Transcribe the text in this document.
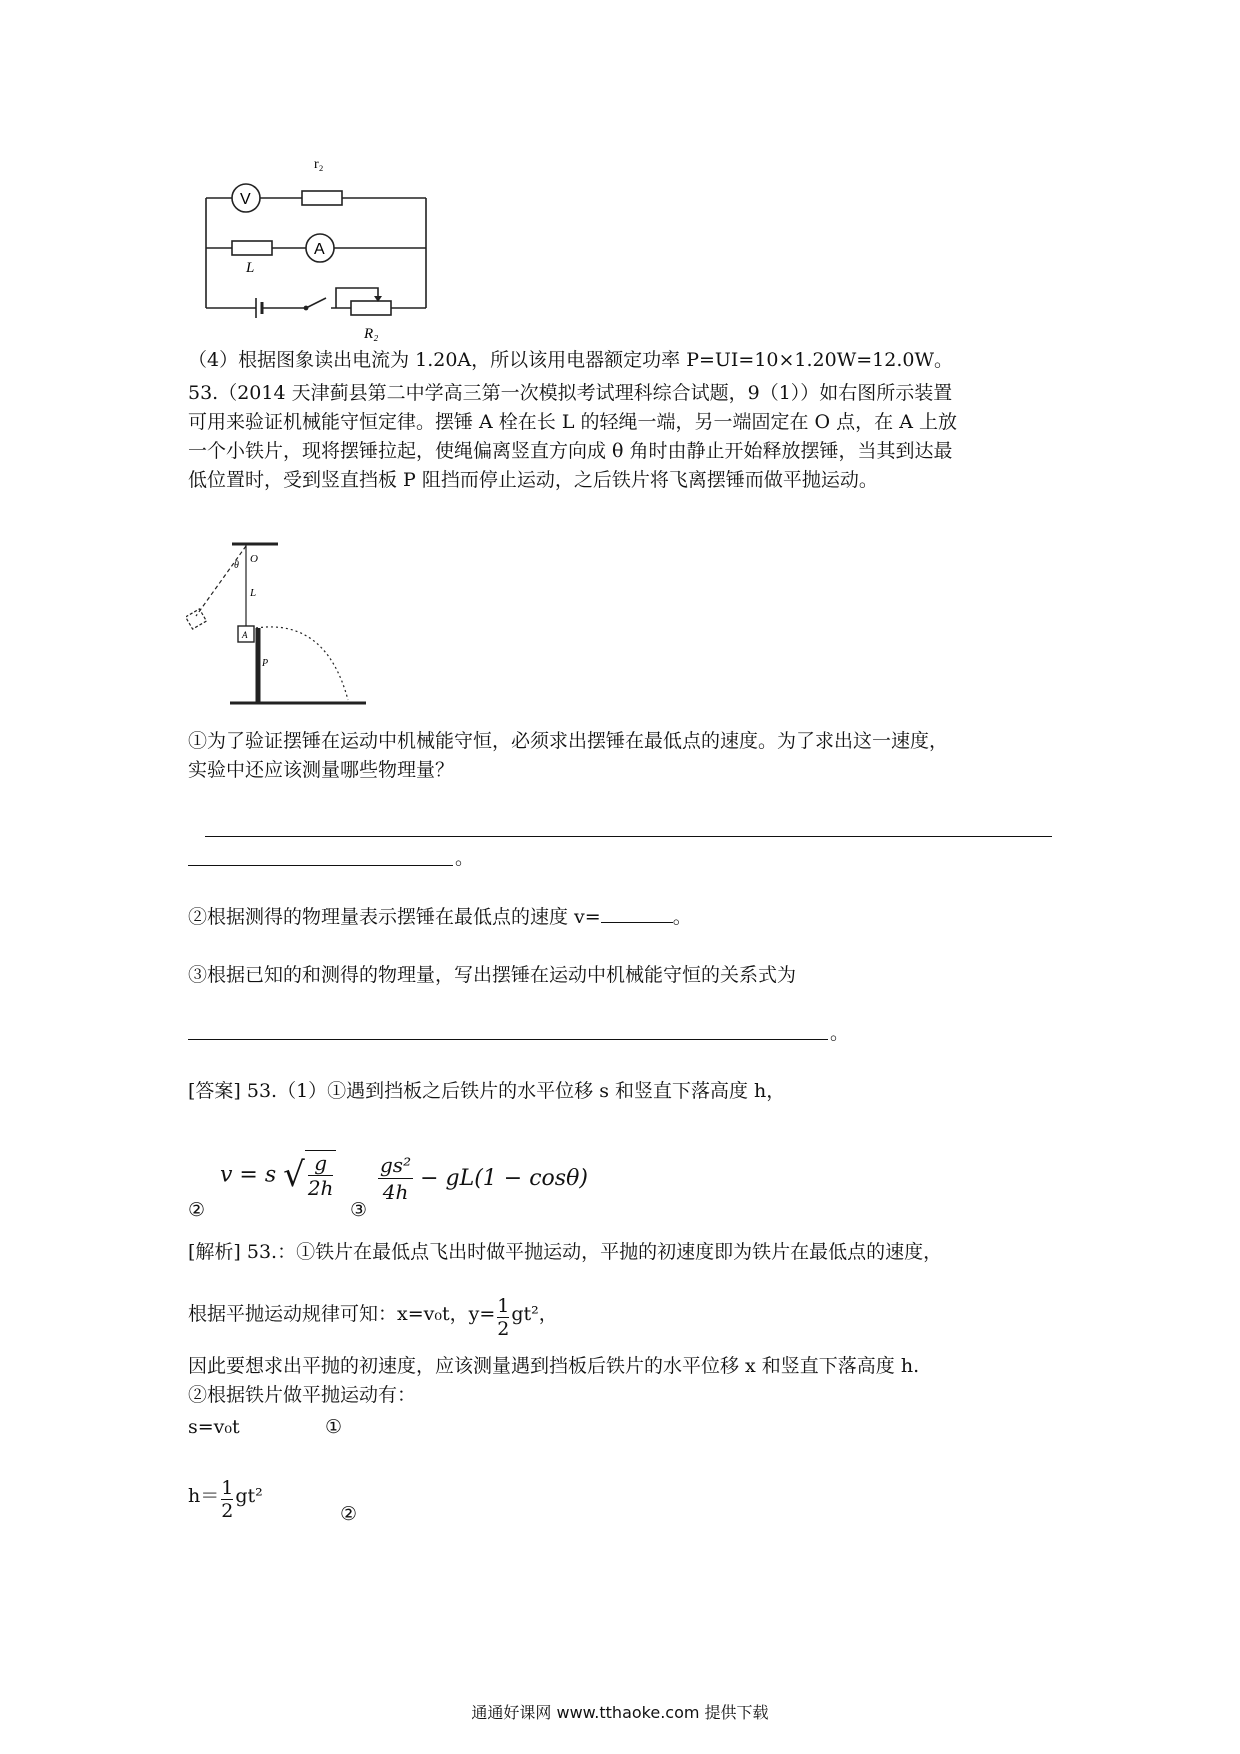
r₂
V
A
L
R₂
（4）根据图象读出电流为 1.20A，所以该用电器额定功率 P=UI=10×1.20W=12.0W。
53.（2014 天津蓟县第二中学高三第一次模拟考试理科综合试题，9（1））如右图所示装置
可用来验证机械能守恒定律。摆锤 A 栓在长 L 的轻绳一端，另一端固定在 O 点，在 A 上放
一个小铁片，现将摆锤拉起，使绳偏离竖直方向成 θ 角时由静止开始释放摆锤，当其到达最
低位置时，受到竖直挡板 P 阻挡而停止运动，之后铁片将飞离摆锤而做平抛运动。
O
θ
L
A
P
①为了验证摆锤在运动中机械能守恒，必须求出摆锤在最低点的速度。为了求出这一速度，
实验中还应该测量哪些物理量？
。
②根据测得的物理量表示摆锤在最低点的速度 v=	。
③根据已知的和测得的物理量，写出摆锤在运动中机械能守恒的关系式为
。
[答案] 53.（1）①遇到挡板之后铁片的水平位移 s 和竖直下落高度 h，
②
v = s √ $\frac{g}{2h}$
③
$\frac{\text{gs²}}{4h} - gL(1 - \cos\theta)$
[解析] 53.：①铁片在最低点飞出时做平抛运动，平抛的初速度即为铁片在最低点的速度，
根据平抛运动规律可知：x=v₀t，$y= \frac{1}{2} gt^2$，
因此要想求出平抛的初速度，应该测量遇到挡板后铁片的水平位移 x 和竖直下落高度 h.
②根据铁片做平抛运动有：
s=v₀t	①
$h= \frac{1}{2} gt^2$
②
通通好课网 www.tthaoke.com 提供下载
